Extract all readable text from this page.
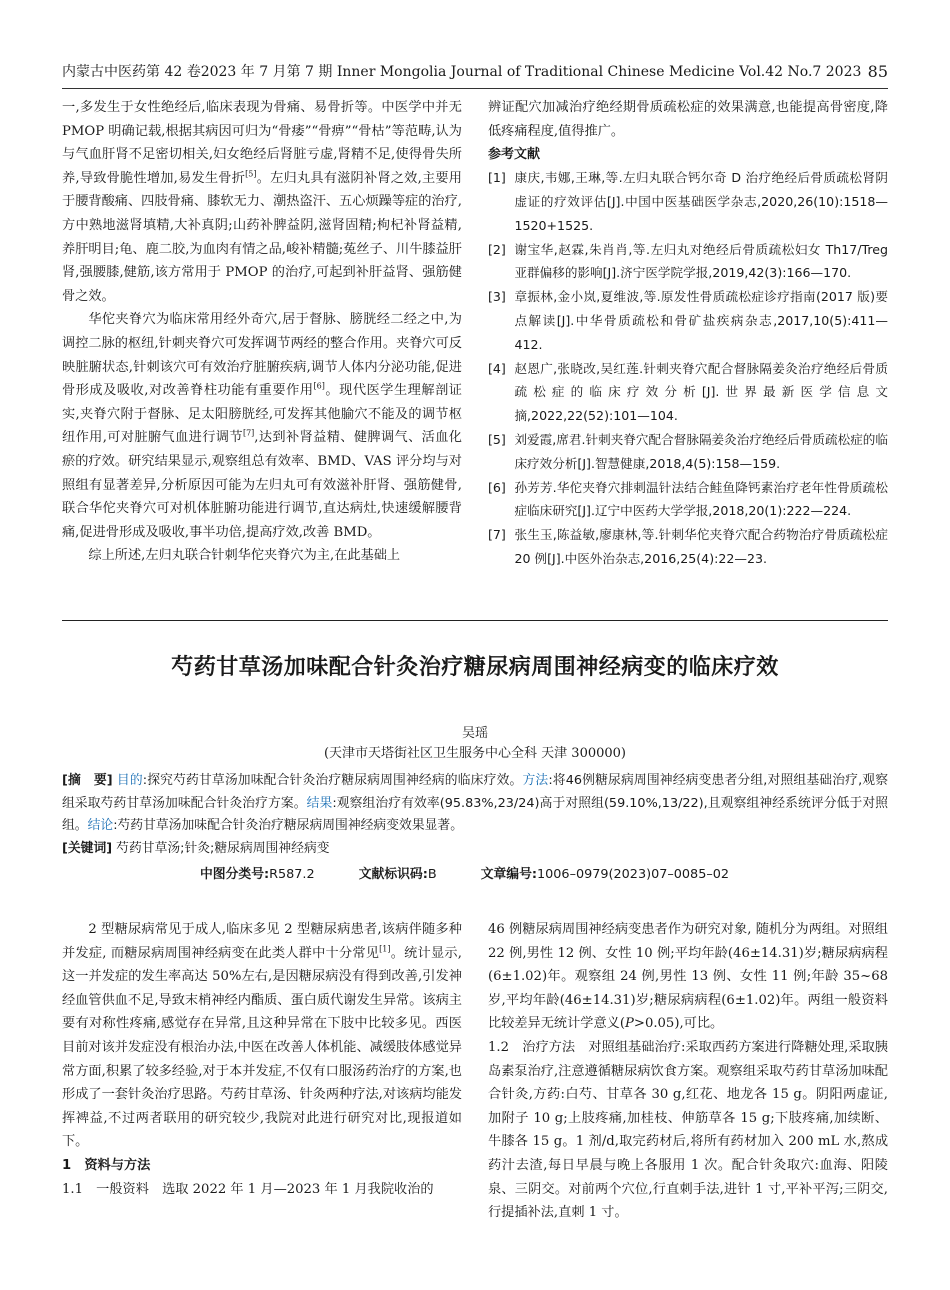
内蒙古中医药第 42 卷2023 年 7 月第 7 期 Inner Mongolia Journal of Traditional Chinese Medicine Vol.42 No.7 2023 85

一,多发生于女性绝经后,临床表现为骨痛、易骨折等。中医学中并无 PMOP 明确记载,根据其病因可归为“骨痿”“骨痹”“骨枯”等范畴,认为与气血肝肾不足密切相关,妇女绝经后肾脏亏虚,肾精不足,使得骨失所养,导致骨脆性增加,易发生骨折[5]。左归丸具有滋阴补肾之效,主要用于腰背酸痛、四肢骨痛、膝软无力、潮热盗汗、五心烦躁等症的治疗,方中熟地滋肾填精,大补真阴;山药补脾益阴,滋肾固精;枸杞补肾益精,养肝明目;龟、鹿二胶,为血肉有情之品,峻补精髓;菟丝子、川牛膝益肝肾,强腰膝,健筋,该方常用于 PMOP 的治疗,可起到补肝益肾、强筋健骨之效。

华佗夹脊穴为临床常用经外奇穴,居于督脉、膀胱经二经之中,为调控二脉的枢纽,针刺夹脊穴可发挥调节两经的整合作用。夹脊穴可反映脏腑状态,针刺该穴可有效治疗脏腑疾病,调节人体内分泌功能,促进骨形成及吸收,对改善脊柱功能有重要作用[6]。现代医学生理解剖证实,夹脊穴附于督脉、足太阳膀胱经,可发挥其他腧穴不能及的调节枢纽作用,可对脏腑气血进行调节[7],达到补肾益精、健脾调气、活血化瘀的疗效。研究结果显示,观察组总有效率、BMD、VAS 评分均与对照组有显著差异,分析原因可能为左归丸可有效滋补肝肾、强筋健骨,联合华佗夹脊穴可对机体脏腑功能进行调节,直达病灶,快速缓解腰背痛,促进骨形成及吸收,事半功倍,提高疗效,改善 BMD。

综上所述,左归丸联合针刺华佗夹脊穴为主,在此基础上

辨证配穴加减治疗绝经期骨质疏松症的效果满意,也能提高骨密度,降低疼痛程度,值得推广。

参考文献
[1] 康庆,韦娜,王琳,等.左归丸联合钙尔奇 D 治疗绝经后骨质疏松肾阴虚证的疗效评估[J].中国中医基础医学杂志,2020,26(10):1518—1520+1525.
[2] 谢宝华,赵霖,朱肖肖,等.左归丸对绝经后骨质疏松妇女 Th17/Treg 亚群偏移的影响[J].济宁医学院学报,2019,42(3):166—170.
[3] 章振林,金小岚,夏维波,等.原发性骨质疏松症诊疗指南(2017 版)要点解读[J].中华骨质疏松和骨矿盐疾病杂志,2017,10(5):411—412.
[4] 赵恩广,张晓改,吴红莲.针刺夹脊穴配合督脉隔姜灸治疗绝经后骨质疏松症的临床疗效分析[J].世界最新医学信息文摘,2022,22(52):101—104.
[5] 刘爱霞,席君.针刺夹脊穴配合督脉隔姜灸治疗绝经后骨质疏松症的临床疗效分析[J].智慧健康,2018,4(5):158—159.
[6] 孙芳芳.华佗夹脊穴排刺温针法结合鲑鱼降钙素治疗老年性骨质疏松症临床研究[J].辽宁中医药大学学报,2018,20(1):222—224.
[7] 张生玉,陈益敏,廖康林,等.针刺华佗夹脊穴配合药物治疗骨质疏松症 20 例[J].中医外治杂志,2016,25(4):22—23.
芍药甘草汤加味配合针灸治疗糖尿病周围神经病变的临床疗效
吴瑶
(天津市天塔街社区卫生服务中心全科 天津 300000)
[摘　要] 目的:探究芍药甘草汤加味配合针灸治疗糖尿病周围神经病的临床疗效。方法:将46例糖尿病周围神经病变患者分组,对照组基础治疗,观察组采取芍药甘草汤加味配合针灸治疗方案。结果:观察组治疗有效率(95.83%,23/24)高于对照组(59.10%,13/22),且观察组神经系统评分低于对照组。结论:芍药甘草汤加味配合针灸治疗糖尿病周围神经病变效果显著。
[关键词] 芍药甘草汤;针灸;糖尿病周围神经病变
中图分类号:R587.2	文献标识码:B	文章编号:1006–0979(2023)07–0085–02

2 型糖尿病常见于成人,临床多见 2 型糖尿病患者,该病伴随多种并发症, 而糖尿病周围神经病变在此类人群中十分常见[1]。统计显示,这一并发症的发生率高达 50%左右,是因糖尿病没有得到改善,引发神经血管供血不足,导致末梢神经内酯质、蛋白质代谢发生异常。该病主要有对称性疼痛,感觉存在异常,且这种异常在下肢中比较多见。西医目前对该并发症没有根治办法,中医在改善人体机能、减缓肢体感觉异常方面,积累了较多经验,对于本并发症,不仅有口服汤药治疗的方案,也形成了一套针灸治疗思路。芍药甘草汤、针灸两种疗法,对该病均能发挥裨益,不过两者联用的研究较少,我院对此进行研究对比,现报道如下。

1　资料与方法

1.1　一般资料　选取 2022 年 1 月—2023 年 1 月我院收治的

46 例糖尿病周围神经病变患者作为研究对象, 随机分为两组。对照组 22 例,男性 12 例、女性 10 例;平均年龄(46±14.31)岁;糖尿病病程(6±1.02)年。观察组 24 例,男性 13 例、女性 11 例;年龄 35~68 岁,平均年龄(46±14.31)岁;糖尿病病程(6±1.02)年。两组一般资料比较差异无统计学意义(P>0.05),可比。

1.2　治疗方法　对照组基础治疗:采取西药方案进行降糖处理,采取胰岛素泵治疗,注意遵循糖尿病饮食方案。观察组采取芍药甘草汤加味配合针灸,方药:白芍、甘草各 30 g,红花、地龙各 15 g。阴阳两虚证,加附子 10 g;上肢疼痛,加桂枝、伸筋草各 15 g;下肢疼痛,加续断、牛膝各 15 g。1 剂/d,取完药材后,将所有药材加入 200 mL 水,熬成药汁去渣,每日早晨与晚上各服用 1 次。配合针灸取穴:血海、阳陵泉、三阴交。对前两个穴位,行直刺手法,进针 1 寸,平补平泻;三阴交,行提插补法,直刺 1 寸。
